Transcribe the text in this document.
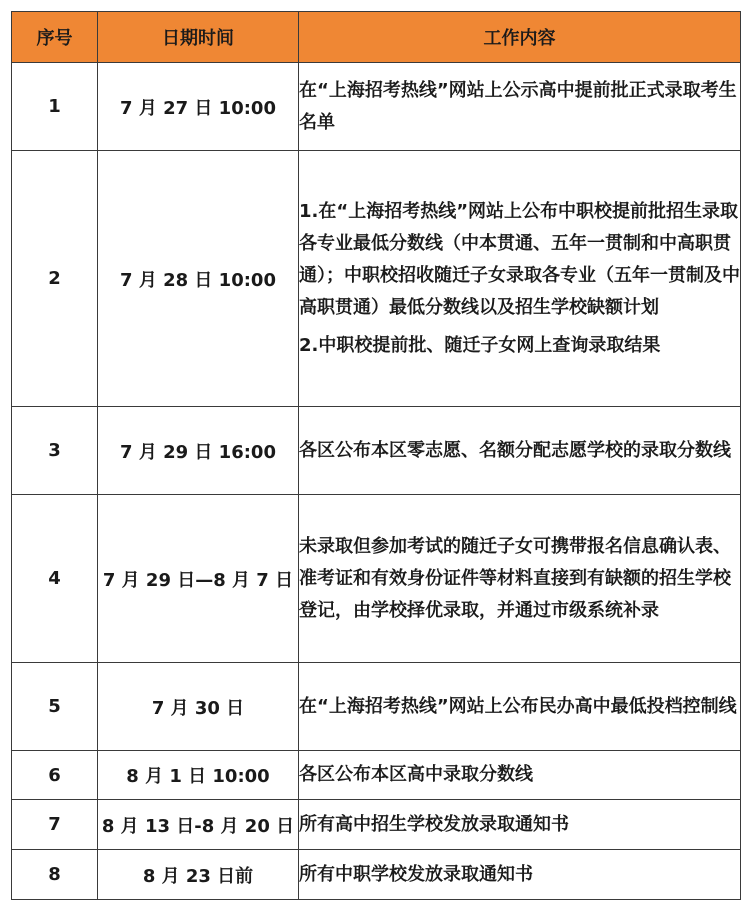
序号	日期时间	工作内容
1	7 月 27 日 10:00	在“上海招考热线”网站上公示高中提前批正式录取考生名单

2	7 月 28 日 10:00	1.在“上海招考热线”网站上公布中职校提前批招生录取各专业最低分数线（中本贯通、五年一贯制和中高职贯通）；中职校招收随迁子女录取各专业（五年一贯制及中高职贯通）最低分数线以及招生学校缺额计划

2.中职校提前批、随迁子女网上查询录取结果

3	7 月 29 日 16:00	各区公布本区零志愿、名额分配志愿学校的录取分数线

4	7 月 29 日—8 月 7 日	未录取但参加考试的随迁子女可携带报名信息确认表、准考证和有效身份证件等材料直接到有缺额的招生学校登记，由学校择优录取，并通过市级系统补录

5	7 月 30 日	在“上海招考热线”网站上公布民办高中最低投档控制线

6	8 月 1 日 10:00	各区公布本区高中录取分数线

7	8 月 13 日-8 月 20 日	所有高中招生学校发放录取通知书

8	8 月 23 日前	所有中职学校发放录取通知书
